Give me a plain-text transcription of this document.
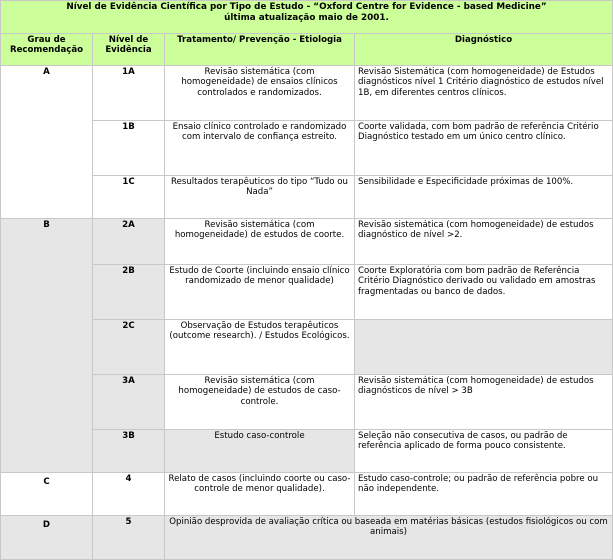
Nível de Evidência Científica por Tipo de Estudo - “Oxford Centre for Evidence - based Medicine”
última atualização maio de 2001.			

Grau de Recomendação	Nível de Evidência	Tratamento/ Prevenção - Etiologia	Diagnóstico
A	1A	Revisão sistemática (com homogeneidade) de ensaios clínicos controlados e randomizados.	Revisão Sistemática (com homogeneidade) de Estudos diagnósticos nível 1 Critério diagnóstico de estudos nível 1B, em diferentes centros clínicos.
	1B	Ensaio clínico controlado e randomizado com intervalo de confiança estreito.	Coorte validada, com bom padrão de referência Critério Diagnóstico testado em um único centro clínico.
	1C	Resultados terapêuticos do tipo “Tudo ou Nada”	Sensibilidade e Especificidade próximas de 100%.
B	2A	Revisão sistemática (com homogeneidade) de estudos de coorte.	Revisão sistemática (com homogeneidade) de estudos diagnóstico de nível >2.
	2B	Estudo de Coorte (incluindo ensaio clínico randomizado de menor qualidade)	Coorte Exploratória com bom padrão de Referência Critério Diagnóstico derivado ou validado em amostras fragmentadas ou banco de dados.
	2C	Observação de Estudos terapêuticos (outcome research). / Estudos Ecológicos.	
	3A	Revisão sistemática (com homogeneidade) de estudos de caso-controle.	Revisão sistemática (com homogeneidade) de estudos diagnósticos de nível > 3B
	3B	Estudo caso-controle	Seleção não consecutiva de casos, ou padrão de referência aplicado de forma pouco consistente.
C	4	Relato de casos (incluindo coorte ou caso-controle de menor qualidade).	Estudo caso-controle; ou padrão de referência pobre ou não independente.
D	5	Opinião desprovida de avaliação crítica ou baseada em matérias básicas (estudos fisiológicos ou com animais)	
